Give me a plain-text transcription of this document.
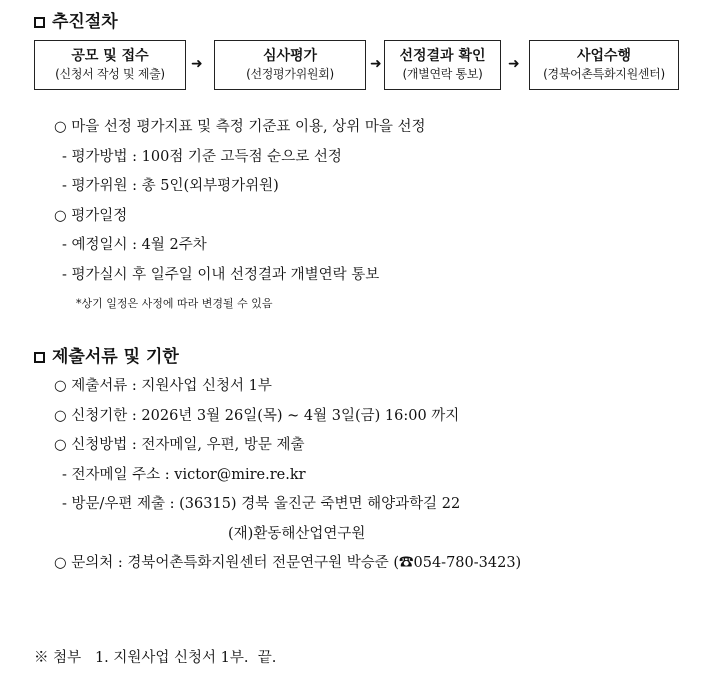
추진절차
공모 및 접수
(신청서 작성 및 제출)
➜	심사평가
(선정평가위원회)
➜	선정결과 확인
(개별연락 통보)
➜	사업수행
(경북어촌특화지원센터)
○ 마을 선정 평가지표 및 측정 기준표 이용, 상위 마을 선정
- 평가방법 : 100점 기준 고득점 순으로 선정
- 평가위원 : 총 5인(외부평가위원)
○ 평가일정
- 예정일시 : 4월 2주차
- 평가실시 후 일주일 이내 선정결과 개별연락 통보
*상기 일정은 사정에 따라 변경될 수 있음
제출서류 및 기한
○ 제출서류 : 지원사업 신청서 1부
○ 신청기한 : 2026년 3월 26일(목) ~ 4월 3일(금) 16:00 까지
○ 신청방법 : 전자메일, 우편, 방문 제출
- 전자메일 주소 : victor@mire.re.kr
- 방문/우편 제출 : (36315) 경북 울진군 죽변면 해양과학길 22
(재)환동해산업연구원
○ 문의처 : 경북어촌특화지원센터 전문연구원 박승준 (☎054-780-3423)
※ 첨부   1. 지원사업 신청서 1부.  끝.
